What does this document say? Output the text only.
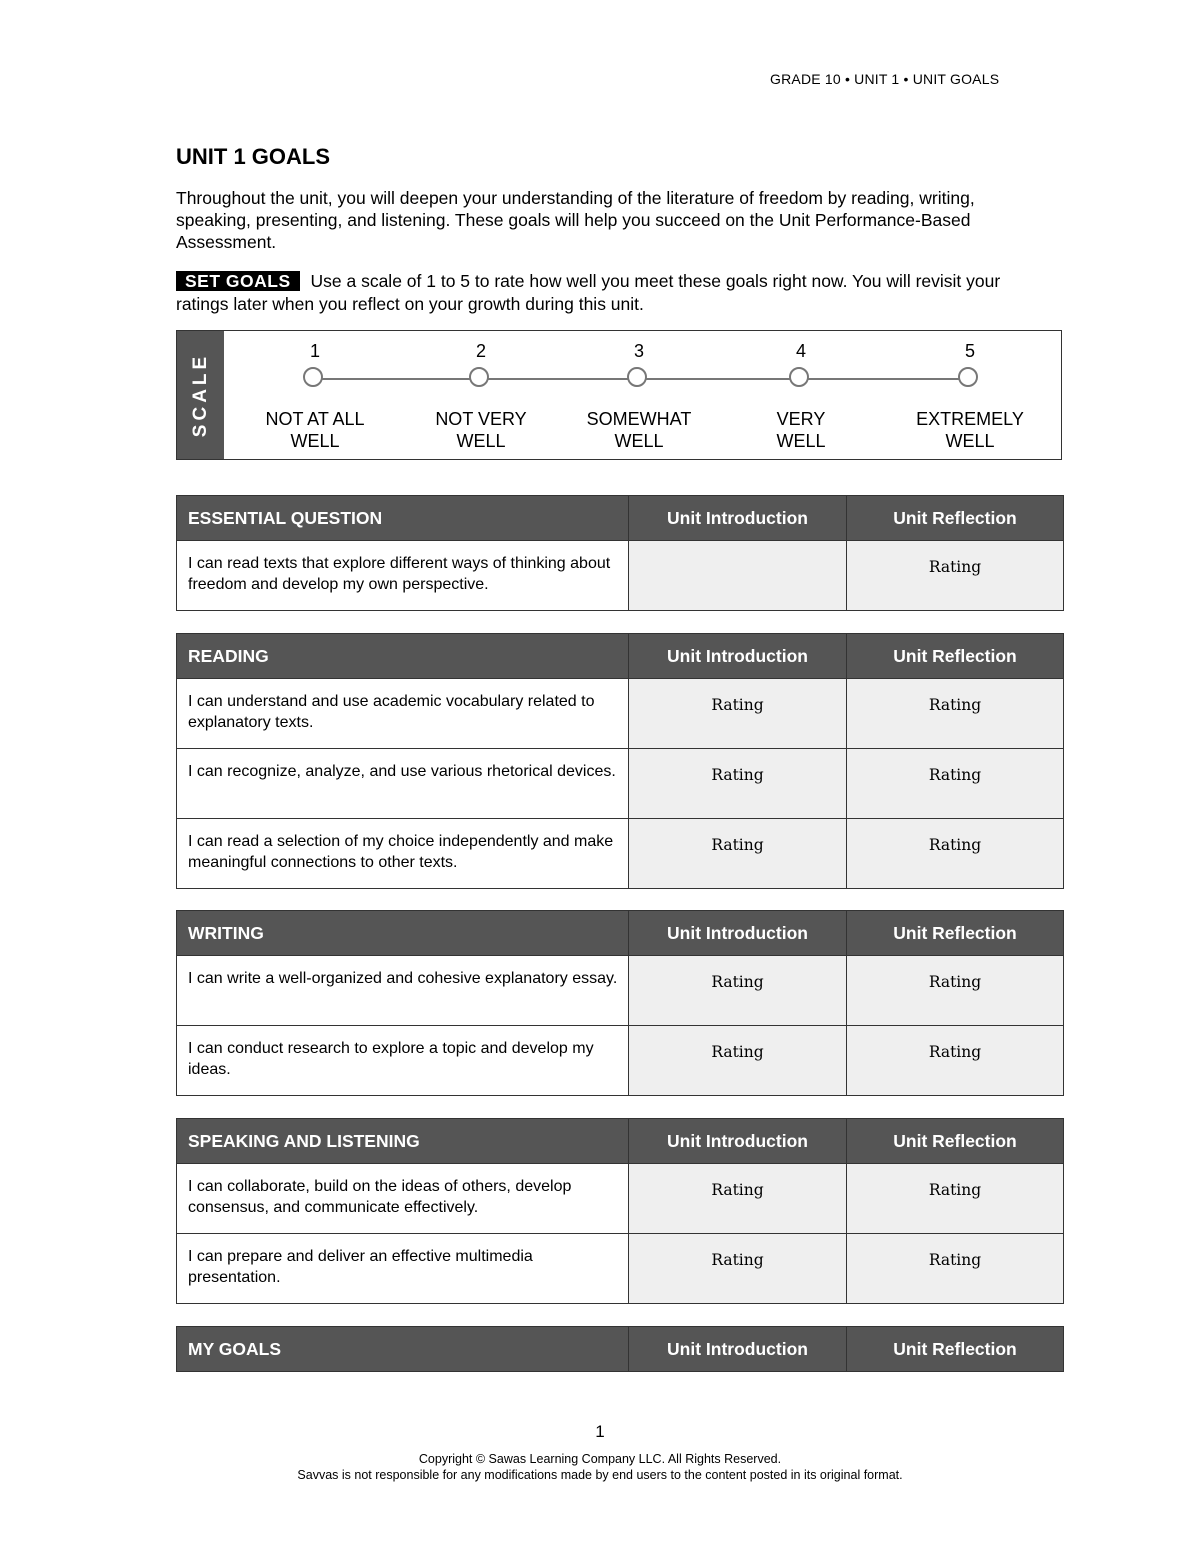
GRADE 10 • UNIT 1 • UNIT GOALS
UNIT 1 GOALS
Throughout the unit, you will deepen your understanding of the literature of freedom by reading, writing, speaking, presenting, and listening. These goals will help you succeed on the Unit Performance-Based Assessment.
SET GOALS Use a scale of 1 to 5 to rate how well you meet these goals right now. You will revisit your ratings later when you reflect on your growth during this unit.
SCALE
1
NOT AT ALL
WELL
2
NOT VERY
WELL
3
SOMEWHAT
WELL
4
VERY
WELL
5
EXTREMELY
WELL
ESSENTIAL QUESTION	Unit Introduction	Unit Reflection
I can read texts that explore different ways of thinking about freedom and develop my own perspective.		Rating
READING	Unit Introduction	Unit Reflection
I can understand and use academic vocabulary related to explanatory texts.	Rating	Rating
I can recognize, analyze, and use various rhetorical devices.	Rating	Rating
I can read a selection of my choice independently and make meaningful connections to other texts.	Rating	Rating
WRITING	Unit Introduction	Unit Reflection
I can write a well-organized and cohesive explanatory essay.	Rating	Rating
I can conduct research to explore a topic and develop my ideas.	Rating	Rating
SPEAKING AND LISTENING	Unit Introduction	Unit Reflection
I can collaborate, build on the ideas of others, develop consensus, and communicate effectively.	Rating	Rating
I can prepare and deliver an effective multimedia presentation.	Rating	Rating
MY GOALS	Unit Introduction	Unit Reflection
1
Copyright © Sawas Learning Company LLC. All Rights Reserved.
Savvas is not responsible for any modifications made by end users to the content posted in its original format.
